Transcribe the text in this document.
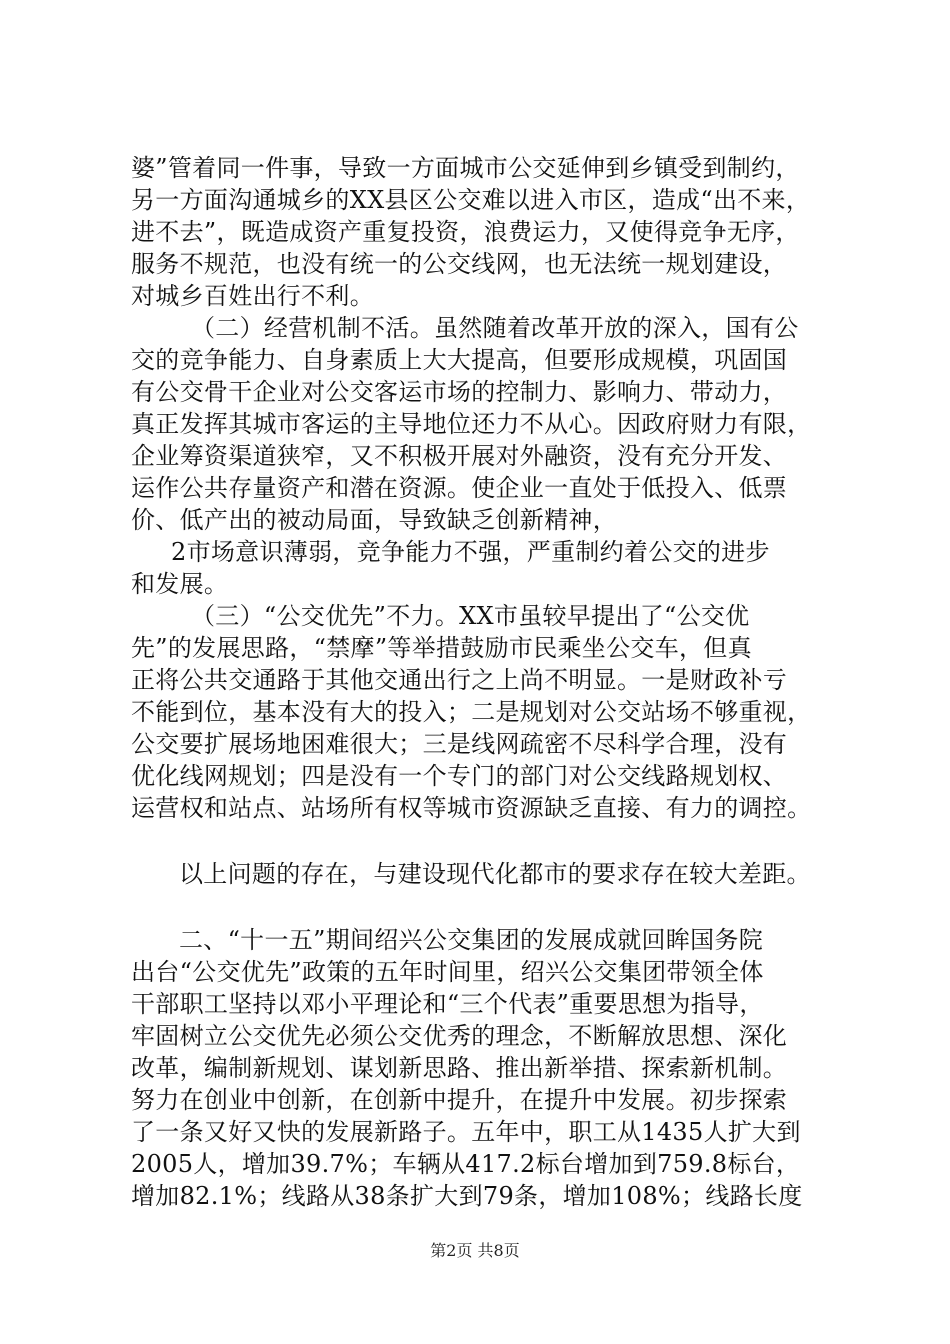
婆”管着同一件事，导致一方面城市公交延伸到乡镇受到制约，
另一方面沟通城乡的XX县区公交难以进入市区，造成“出不来，
进不去”，既造成资产重复投资，浪费运力，又使得竞争无序，
服务不规范，也没有统一的公交线网，也无法统一规划建设，
对城乡百姓出行不利。
（二）经营机制不活。虽然随着改革开放的深入，国有公
交的竞争能力、自身素质上大大提高，但要形成规模，巩固国
有公交骨干企业对公交客运市场的控制力、影响力、带动力，
真正发挥其城市客运的主导地位还力不从心。因政府财力有限，
企业筹资渠道狭窄，又不积极开展对外融资，没有充分开发、
运作公共存量资产和潜在资源。使企业一直处于低投入、低票
价、低产出的被动局面，导致缺乏创新精神，
2市场意识薄弱，竞争能力不强，严重制约着公交的进步
和发展。
（三）“公交优先”不力。XX市虽较早提出了“公交优
先”的发展思路，“禁摩”等举措鼓励市民乘坐公交车，但真
正将公共交通路于其他交通出行之上尚不明显。一是财政补亏
不能到位，基本没有大的投入；二是规划对公交站场不够重视，
公交要扩展场地困难很大；三是线网疏密不尽科学合理，没有
优化线网规划；四是没有一个专门的部门对公交线路规划权、
运营权和站点、站场所有权等城市资源缺乏直接、有力的调控。
以上问题的存在，与建设现代化都市的要求存在较大差距。
二、“十一五”期间绍兴公交集团的发展成就回眸国务院
出台“公交优先”政策的五年时间里，绍兴公交集团带领全体
干部职工坚持以邓小平理论和“三个代表”重要思想为指导，
牢固树立公交优先必须公交优秀的理念，不断解放思想、深化
改革，编制新规划、谋划新思路、推出新举措、探索新机制。
努力在创业中创新，在创新中提升，在提升中发展。初步探索
了一条又好又快的发展新路子。五年中，职工从1435人扩大到
2005人，增加39.7%；车辆从417.2标台增加到759.8标台，
增加82.1%；线路从38条扩大到79条，增加108%；线路长度
第2页 共8页
